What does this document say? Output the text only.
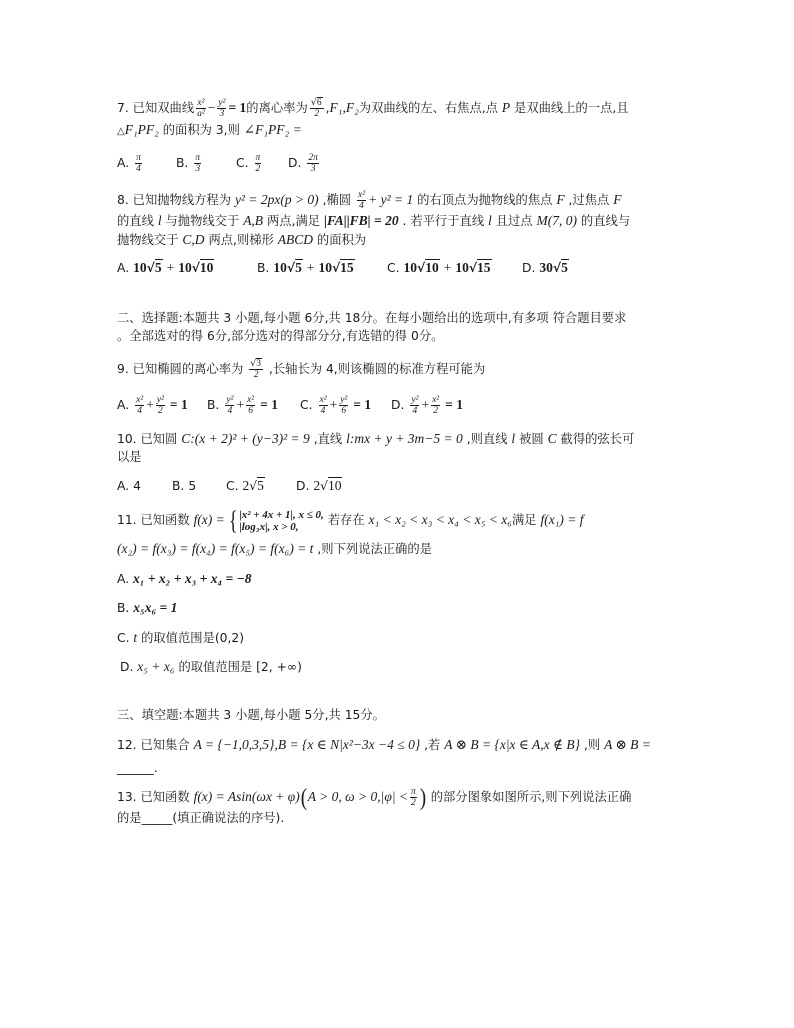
7. 已知双曲线 $\frac{\text{x²}}{\text{a²}} - \frac{\text{y²}}{3} = 1$的离心率为 $\frac{√6}{2} ,F_1,F_2$为双曲线的左、右焦点,点 P 是双曲线上的一点,且
△F₁PF₂ 的面积为 3,则 ∠F₁PF₂ =
A. $\frac{\pi}{4}$	B. $\frac{\pi}{3}$	C. $\frac{\pi}{2} D$. $\frac{2\pi}{3}$
8. 已知抛物线方程为 y² = 2px(p > 0) ,椭圆 $\frac{\text{x²}}{4} + y^2 = 1$ 的右顶点为抛物线的焦点 F ,过焦点 F
的直线 l 与抛物线交于 A,B 两点,满足 |FA||FB| = 20 . 若平行于直线 l 且过点 M(7, 0) 的直线与
抛物线交于 C,D 两点,则梯形 ABCD 的面积为
A. 10√5 + 10√10	B. 10√5 + 10√15	C. 10√10 + 10√15	D. 30√5
二、选择题:本题共 3 小题,每小题 6分,共 18分。在每小题给出的选项中,有多项 符合题目要求
。全部选对的得 6分,部分选对的得部分分,有选错的得 0分。
9. 已知椭圆的离心率为 $\frac{√3}{2}$ ,长轴长为 4,则该椭圆的标准方程可能为
A. $\frac{\text{x²}}{4} + \frac{\text{y²}}{2} = 1$ B. $\frac{\text{y²}}{4} + \frac{\text{x²}}{6} = 1$ C. $\frac{\text{x²}}{4} + \frac{\text{y²}}{6} = 1$ D. $\frac{\text{y²}}{4} + \frac{\text{x²}}{2} = 1$
10. 已知圆 C:(x + 2)² + (y−3)² = 9 ,直线 l:mx + y + 3m−5 = 0 ,则直线 l 被圆 C 截得的弦长可
以是
A. 4	B. 5 C. 2√5	D. 2√10
11. 已知函数 f(x) = { |x² + 4x + 1|, x ≤ 0,
|log₃x|, x > 0,	若存在 x₁ < x₂ < x₃ < x₄ < x₅ < x₆满足 f(x₁) = f
(x₂) = f(x₃) = f(x₄) = f(x₅) = f(x₆) = t ,则下列说法正确的是
A. x₁ + x₂ + x₃ + x₄ = −8
B. x₅x₆ = 1
C. t 的取值范围是(0,2)
D. x₅ + x₆ 的取值范围是 [2, +∞)
三、填空题:本题共 3 小题,每小题 5分,共 15分。
12. 已知集合 A = {−1,0,3,5},B = {x ∈ N|x²−3x −4 ≤ 0} ,若 A ⊗ B = {x|x ∈ A,x ∉ B} ,则 A ⊗ B =
______.
13. 已知函数 f(x) = Asin(ωx + φ)(A > 0, $\omega > 0,|\varphi| < \frac{\pi}{2}$ ) 的部分图象如图所示,则下列说法正确
的是_____(填正确说法的序号).
